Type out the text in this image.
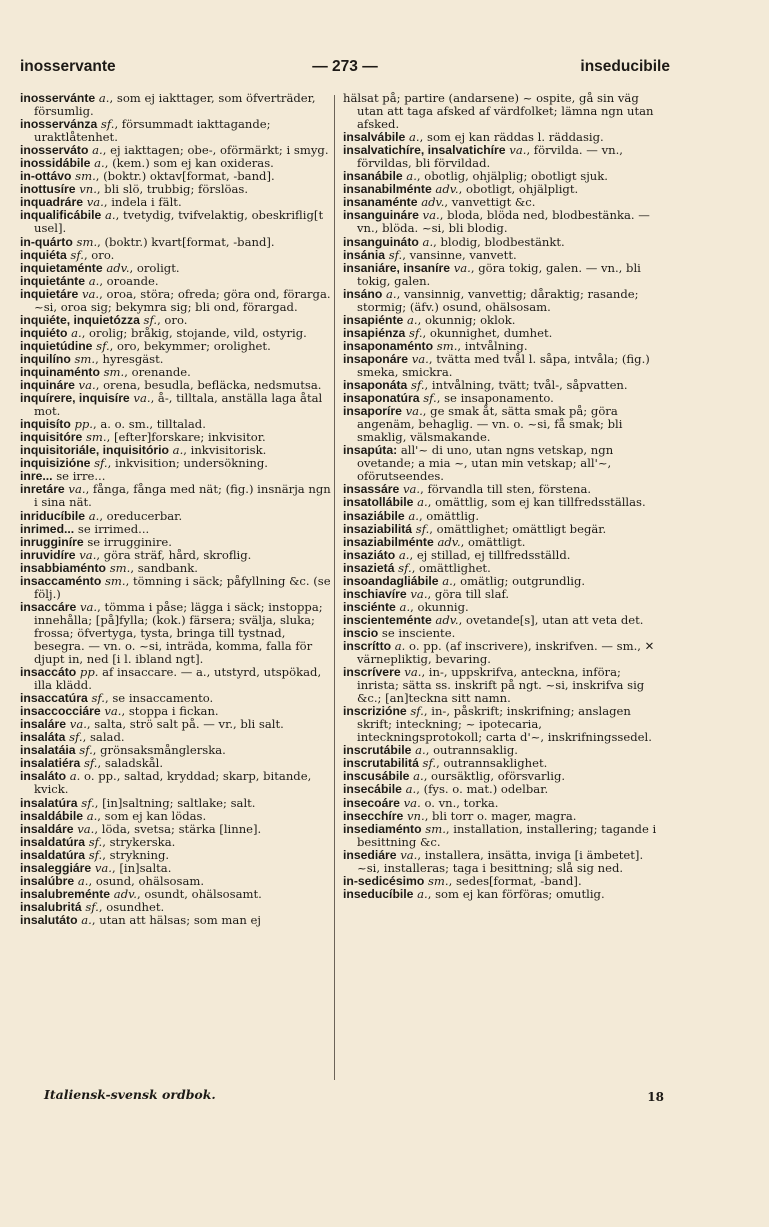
inosservante	— 273 —	inseducibile

inosservánte a., som ej iakttager, som öfverträder, försumlig.

inosservánza sf., försummadt iakttagande; uraktlåtenhet.

inosserváto a., ej iakttagen; obe-, oförmärkt; i smyg.

inossidábile a., (kem.) som ej kan oxideras.

in-ottávo sm., (boktr.) oktav[format, -band].

inottusíre vn., bli slö, trubbig; förslöas.

inquadráre va., indela i fält.

inqualificábile a., tvetydig, tvifvelaktig, obeskriflig[t usel].

in-quárto sm., (boktr.) kvart[format, -band].

inquiéta sf., oro.

inquietaménte adv., oroligt.

inquietánte a., oroande.

inquietáre va., oroa, störa; ofreda; göra ond, förarga. ~si, oroa sig; bekymra sig; bli ond, förargad.

inquiéte, inquietózza sf., oro.

inquiéto a., orolig; bråkig, stojande, vild, ostyrig.

inquietúdine sf., oro, bekymmer; orolighet.

inquilíno sm., hyresgäst.

inquinaménto sm., orenande.

inquináre va., orena, besudla, befläcka, nedsmutsa.

inquírere, inquisíre va., å-, tilltala, anställa laga åtal mot.

inquisíto pp., a. o. sm., tilltalad.

inquisitóre sm., [efter]forskare; inkvisitor.

inquisitoriále, inquisitório a., inkvisitorisk.

inquisizióne sf., inkvisition; undersökning.

inre... se irre...

inretáre va., fånga, fånga med nät; (fig.) insnärja ngn i sina nät.

inriducíbile a., oreducerbar.

inrimed... se irrimed...

inrugginíre se irrugginire.

inruvidíre va., göra sträf, hård, skroflig.

insabbiaménto sm., sandbank.

insaccaménto sm., tömning i säck; påfyllning &c. (se följ.)

insaccáre va., tömma i påse; lägga i säck; instoppa; innehålla; [på]fylla; (kok.) färsera; svälja, sluka; frossa; öfvertyga, tysta, bringa till tystnad, besegra. — vn. o. ~si, inträda, komma, falla för djupt in, ned [i l. ibland ngt].

insaccáto pp. af insaccare. — a., utstyrd, utspökad, illa klädd.

insaccatúra sf., se insaccamento.

insaccocciáre va., stoppa i fickan.

insaláre va., salta, strö salt på. — vr., bli salt.

insaláta sf., salad.

insalatáia sf., grönsaksmånglerska.

insalatiéra sf., saladskål.

insaláto a. o. pp., saltad, kryddad; skarp, bitande, kvick.

insalatúra sf., [in]saltning; saltlake; salt.

insaldábile a., som ej kan lödas.

insaldáre va., löda, svetsa; stärka [linne].

insaldatúra sf., strykerska.

insaldatúra sf., strykning.

insaleggiáre va., [in]salta.

insalúbre a., osund, ohälsosam.

insalubreménte adv., osundt, ohälsosamt.

insalubritá sf., osundhet.

insalutáto a., utan att hälsas; som man ej

hälsat på; partire (andarsene) ~ ospite, gå sin väg utan att taga afsked af värdfolket; lämna ngn utan afsked.

insalvábile a., som ej kan räddas l. räddasig.

insalvatichíre, insalvatichíre va., förvilda. — vn., förvildas, bli förvildad.

insanábile a., obotlig, ohjälplig; obotligt sjuk.

insanabilménte adv., obotligt, ohjälpligt.

insanaménte adv., vanvettigt &c.

insanguináre va., bloda, blöda ned, blodbestänka. — vn., blöda. ~si, bli blodig.

insanguináto a., blodig, blodbestänkt.

insánia sf., vansinne, vanvett.

insaniáre, insaníre va., göra tokig, galen. — vn., bli tokig, galen.

insáno a., vansinnig, vanvettig; dåraktig; rasande; stormig; (äfv.) osund, ohälsosam.

insapiénte a., okunnig; oklok.

insapiénza sf., okunnighet, dumhet.

insaponaménto sm., intvålning.

insaponáre va., tvätta med tvål l. såpa, intvåla; (fig.) smeka, smickra.

insaponáta sf., intvålning, tvätt; tvål-, såpvatten.

insaponatúra sf., se insaponamento.

insaporíre va., ge smak åt, sätta smak på; göra angenäm, behaglig. — vn. o. ~si, få smak; bli smaklig, välsmakande.

insapúta: all'~ di uno, utan ngns vetskap, ngn ovetande; a mia ~, utan min vetskap; all'~, oförutseendes.

insassáre va., förvandla till sten, förstena.

insatollábile a., omättlig, som ej kan tillfredsställas.

insaziábile a., omättlig.

insaziabilitá sf., omättlighet; omättligt begär.

insaziabilménte adv., omättligt.

insaziáto a., ej stillad, ej tillfredsställd.

insazietá sf., omättlighet.

insoandagliábile a., omätlig; outgrundlig.

inschiavíre va., göra till slaf.

insciénte a., okunnig.

inscienteménte adv., ovetande[s], utan att veta det.

inscio se insciente.

inscrítto a. o. pp. (af inscrivere), inskrifven. — sm., ✕ värnepliktig, bevaring.

inscrívere va., in-, uppskrifva, anteckna, införa; inrista; sätta ss. inskrift på ngt. ~si, inskrifva sig &c.; [an]teckna sitt namn.

inscrizióne sf., in-, påskrift; inskrifning; anslagen skrift; inteckning; ~ ipotecaria, inteckningsprotokoll; carta d'~, inskrifningssedel.

inscrutábile a., outrannsaklig.

inscrutabilitá sf., outrannsaklighet.

inscusábile a., oursäktlig, oförsvarlig.

insecábile a., (fys. o. mat.) odelbar.

insecoáre va. o. vn., torka.

insecchíre vn., bli torr o. mager, magra.

insediaménto sm., installation, installering; tagande i besittning &c.

insediáre va., installera, insätta, inviga [i ämbetet]. ~si, installeras; taga i besittning; slå sig ned.

in-sedicésimo sm., sedes[format, -band].

inseducíbile a., som ej kan förföras; omutlig.

Italiensk-svensk ordbok.	18
